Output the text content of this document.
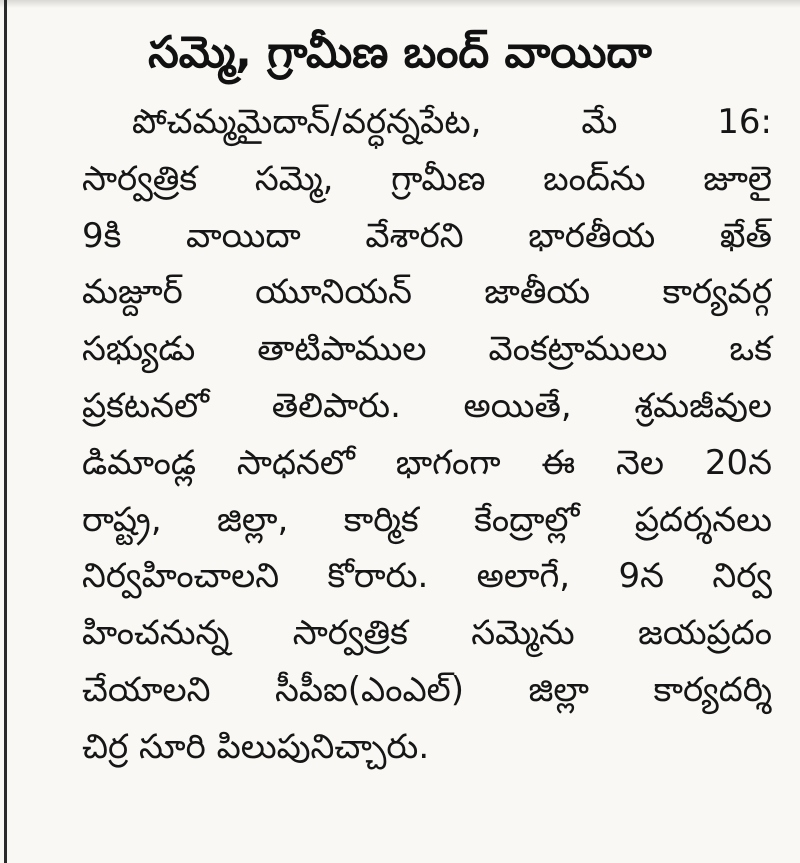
సమ్మె, గ్రామీణ బంద్ వాయిదా
పోచమ్మమైదాన్/వర్ధన్నపేట, మే 16:
సార్వత్రిక సమ్మె, గ్రామీణ బంద్‌ను జూలై
9కి వాయిదా వేశారని భారతీయ ఖేత్
మజ్దూర్ యూనియన్ జాతీయ కార్యవర్గ
సభ్యుడు తాటిపాముల వెంకట్రాములు ఒక
ప్రకటనలో తెలిపారు. అయితే, శ్రమజీవుల
డిమాండ్ల సాధనలో భాగంగా ఈ నెల 20న
రాష్ట్ర, జిల్లా, కార్మిక కేంద్రాల్లో ప్రదర్శనలు
నిర్వహించాలని కోరారు. అలాగే, 9న నిర్వ
హించనున్న సార్వత్రిక సమ్మెను జయప్రదం
చేయాలని సీపీఐ(ఎంఎల్) జిల్లా కార్యదర్శి
చిర్ర సూరి పిలుపునిచ్చారు.
